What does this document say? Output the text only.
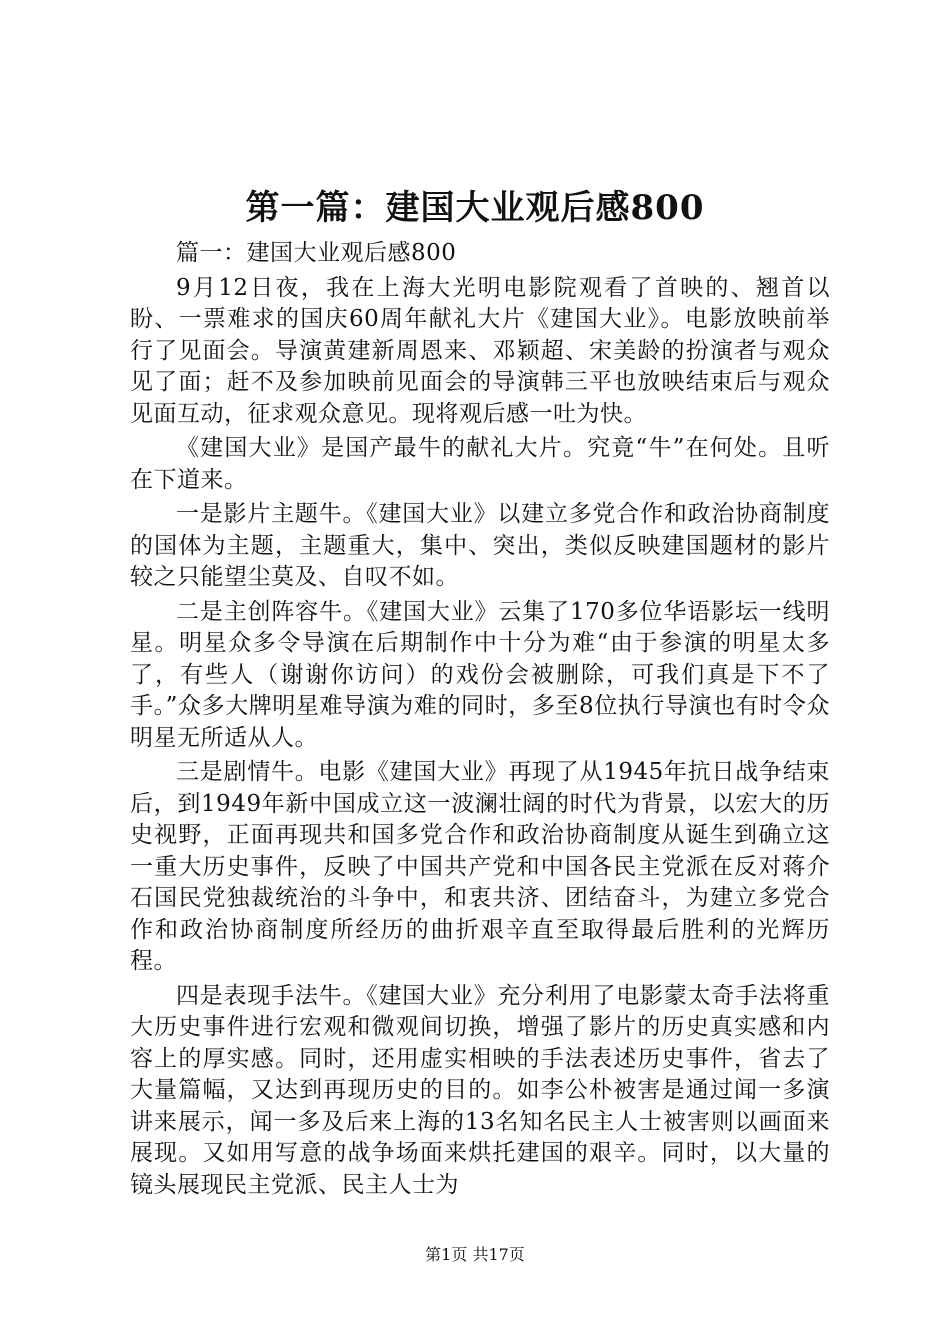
第一篇：建国大业观后感800

篇一：建国大业观后感800

9月12日夜，我在上海大光明电影院观看了首映的、翘首以盼、一票难求的国庆60周年献礼大片《建国大业》。电影放映前举行了见面会。导演黄建新周恩来、邓颖超、宋美龄的扮演者与观众见了面；赶不及参加映前见面会的导演韩三平也放映结束后与观众见面互动，征求观众意见。现将观后感一吐为快。

《建国大业》是国产最牛的献礼大片。究竟“牛”在何处。且听在下道来。

一是影片主题牛。《建国大业》以建立多党合作和政治协商制度的国体为主题，主题重大，集中、突出，类似反映建国题材的影片较之只能望尘莫及、自叹不如。

二是主创阵容牛。《建国大业》云集了170多位华语影坛一线明星。明星众多令导演在后期制作中十分为难“由于参演的明星太多了，有些人（谢谢你访问）的戏份会被删除，可我们真是下不了手。”众多大牌明星难导演为难的同时，多至8位执行导演也有时令众明星无所适从人。

三是剧情牛。电影《建国大业》再现了从1945年抗日战争结束后，到1949年新中国成立这一波澜壮阔的时代为背景，以宏大的历史视野，正面再现共和国多党合作和政治协商制度从诞生到确立这一重大历史事件，反映了中国共产党和中国各民主党派在反对蒋介石国民党独裁统治的斗争中，和衷共济、团结奋斗，为建立多党合作和政治协商制度所经历的曲折艰辛直至取得最后胜利的光辉历程。

四是表现手法牛。《建国大业》充分利用了电影蒙太奇手法将重大历史事件进行宏观和微观间切换，增强了影片的历史真实感和内容上的厚实感。同时，还用虚实相映的手法表述历史事件，省去了大量篇幅，又达到再现历史的目的。如李公朴被害是通过闻一多演讲来展示，闻一多及后来上海的13名知名民主人士被害则以画面来展现。又如用写意的战争场面来烘托建国的艰辛。同时，以大量的镜头展现民主党派、民主人士为

第1页 共17页
